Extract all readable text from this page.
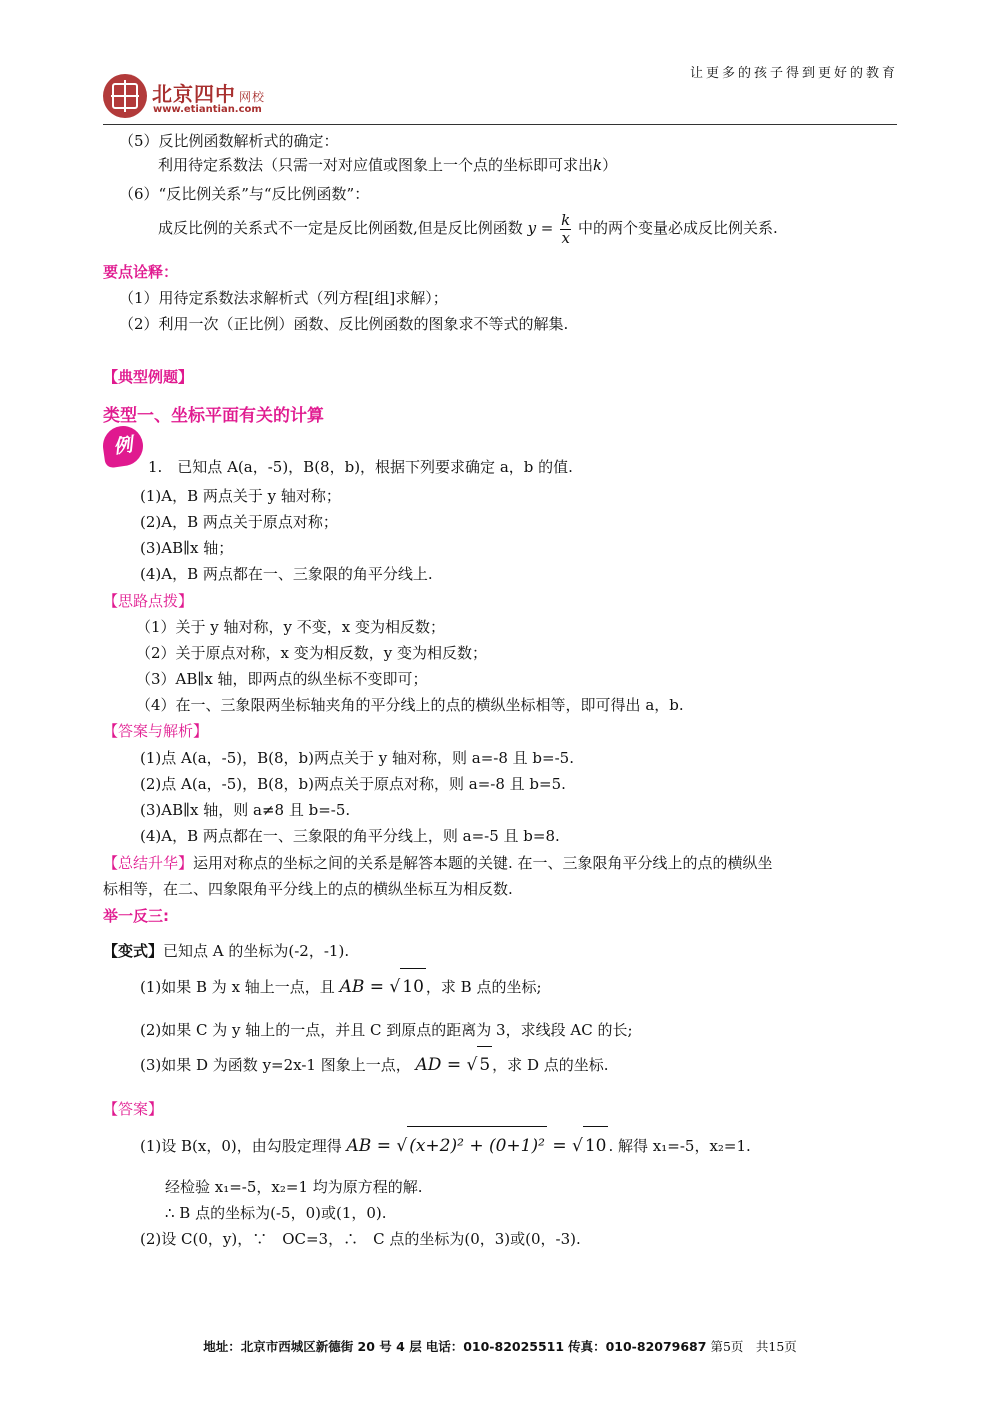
让更多的孩子得到更好的教育
北京四中 网校
www.etiantian.com
（5）反比例函数解析式的确定：
利用待定系数法（只需一对对应值或图象上一个点的坐标即可求出k）
（6）“反比例关系”与“反比例函数”：
成反比例的关系式不一定是反比例函数,但是反比例函数 $y = \frac{k}{x}$ 中的两个变量必成反比例关系.
要点诠释：
（1）用待定系数法求解析式（列方程[组]求解）；
（2）利用一次（正比例）函数、反比例函数的图象求不等式的解集.
【典型例题】
类型一、坐标平面有关的计算
例
1.　已知点 A(a，-5)，B(8，b)，根据下列要求确定 a，b 的值.
(1)A，B 两点关于 y 轴对称；
(2)A，B 两点关于原点对称；
(3)AB∥x 轴；
(4)A，B 两点都在一、三象限的角平分线上.
【思路点拨】
（1）关于 y 轴对称，y 不变，x 变为相反数；
（2）关于原点对称，x 变为相反数，y 变为相反数；
（3）AB∥x 轴，即两点的纵坐标不变即可；
（4）在一、三象限两坐标轴夹角的平分线上的点的横纵坐标相等，即可得出 a，b.
【答案与解析】
(1)点 A(a，-5)，B(8，b)两点关于 y 轴对称，则 a=-8 且 b=-5.
(2)点 A(a，-5)，B(8，b)两点关于原点对称，则 a=-8 且 b=5.
(3)AB∥x 轴，则 a≠8 且 b=-5.
(4)A，B 两点都在一、三象限的角平分线上，则 a=-5 且 b=8.
【总结升华】运用对称点的坐标之间的关系是解答本题的关键. 在一、三象限角平分线上的点的横纵坐
标相等，在二、四象限角平分线上的点的横纵坐标互为相反数.
举一反三:
【变式】已知点 A 的坐标为(-2，-1).
(1)如果 B 为 x 轴上一点，且 AB = √ 10 ，求 B 点的坐标;
(2)如果 C 为 y 轴上的一点，并且 C 到原点的距离为 3，求线段 AC 的长;
(3)如果 D 为函数 y=2x-1 图象上一点， AD = √ 5 ，求 D 点的坐标.
【答案】
(1)设 B(x，0)，由勾股定理得 AB = √ (x+2)² + (0+1)² = √ 10 . 解得 x₁=-5，x₂=1.
经检验 x₁=-5，x₂=1 均为原方程的解.
∴ B 点的坐标为(-5，0)或(1，0).
(2)设 C(0，y)，∵　OC=3，∴　C 点的坐标为(0，3)或(0，-3).
地址：北京市西城区新德街 20 号 4 层 电话：010-82025511 传真：010-82079687 第5页　共15页
